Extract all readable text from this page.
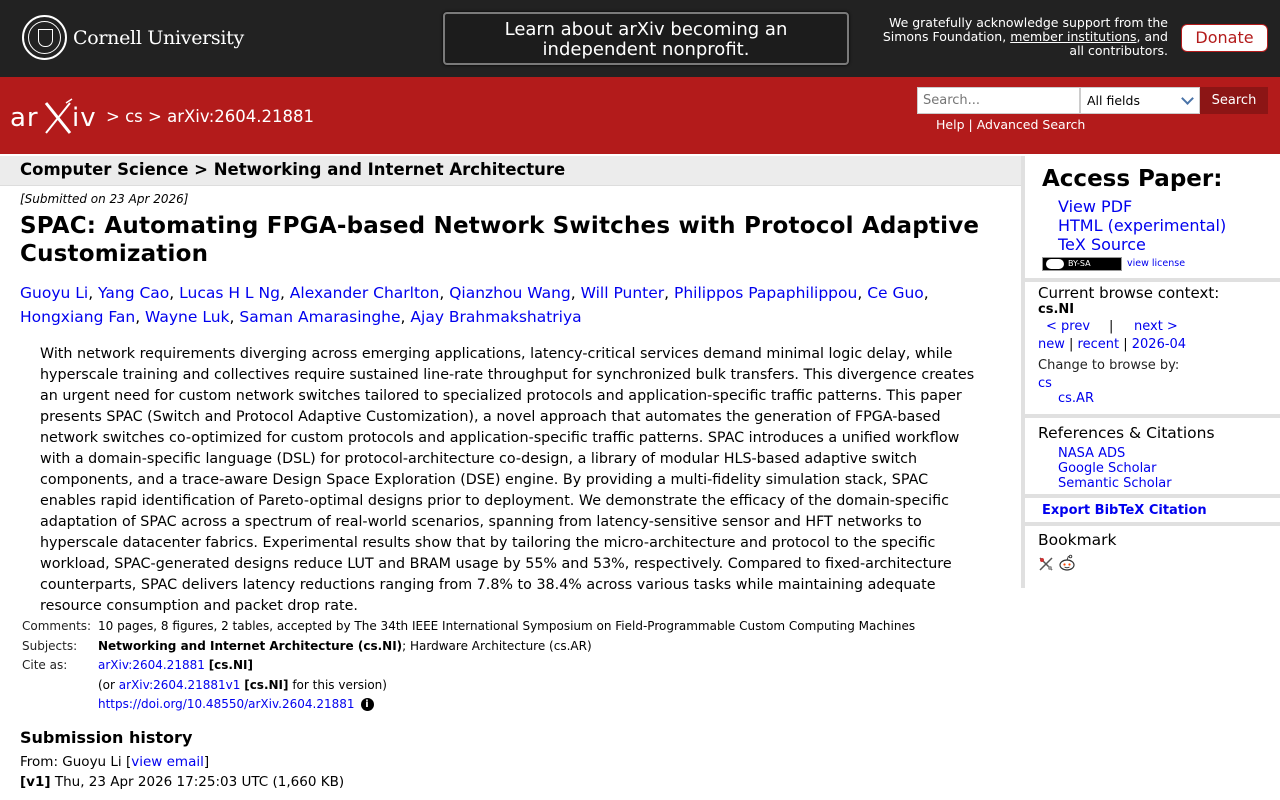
Cornell University	Learn about arXiv becoming an independent nonprofit.
We gratefully acknowledge support from the Simons Foundation, member institutions, and all contributors.
Donate
ar iv > cs > arXiv:2604.21881
Search...
All fields	Search
Help | Advanced Search
Computer Science > Networking and Internet Architecture
[Submitted on 23 Apr 2026]
SPAC: Automating FPGA-based Network Switches with Protocol Adaptive Customization
Guoyu Li, Yang Cao, Lucas H L Ng, Alexander Charlton, Qianzhou Wang, Will Punter, Philippos Papaphilippou, Ce Guo,
Hongxiang Fan, Wayne Luk, Saman Amarasinghe, Ajay Brahmakshatriya
With network requirements diverging across emerging applications, latency-critical services demand minimal logic delay, while hyperscale training and collectives require sustained line-rate throughput for synchronized bulk transfers. This divergence creates an urgent need for custom network switches tailored to specialized protocols and application-specific traffic patterns. This paper presents SPAC (Switch and Protocol Adaptive Customization), a novel approach that automates the generation of FPGA-based network switches co-optimized for custom protocols and application-specific traffic patterns. SPAC introduces a unified workflow with a domain-specific language (DSL) for protocol-architecture co-design, a library of modular HLS-based adaptive switch components, and a trace-aware Design Space Exploration (DSE) engine. By providing a multi-fidelity simulation stack, SPAC enables rapid identification of Pareto-optimal designs prior to deployment. We demonstrate the efficacy of the domain-specific adaptation of SPAC across a spectrum of real-world scenarios, spanning from latency-sensitive sensor and HFT networks to hyperscale datacenter fabrics. Experimental results show that by tailoring the micro-architecture and protocol to the specific workload, SPAC-generated designs reduce LUT and BRAM usage by 55% and 53%, respectively. Compared to fixed-architecture counterparts, SPAC delivers latency reductions ranging from 7.8% to 38.4% across various tasks while maintaining adequate resource consumption and packet drop rate.
Comments:	10 pages, 8 figures, 2 tables, accepted by The 34th IEEE International Symposium on Field-Programmable Custom Computing Machines
Subjects:	Networking and Internet Architecture (cs.NI); Hardware Architecture (cs.AR)
Cite as:	arXiv:2604.21881 [cs.NI]
	(or arXiv:2604.21881v1 [cs.NI] for this version)
	https://doi.org/10.48550/arXiv.2604.21881 i
Submission history
From: Guoyu Li [view email]
[v1] Thu, 23 Apr 2026 17:25:03 UTC (1,660 KB)
Access Paper:
View PDF
HTML (experimental)
TeX Source
BY-SA	view license
Current browse context:
cs.NI
< prev | next >
new | recent | 2026-04
Change to browse by:
cs
cs.AR
References & Citations
NASA ADS
Google Scholar
Semantic Scholar
Export BibTeX Citation
Bookmark
